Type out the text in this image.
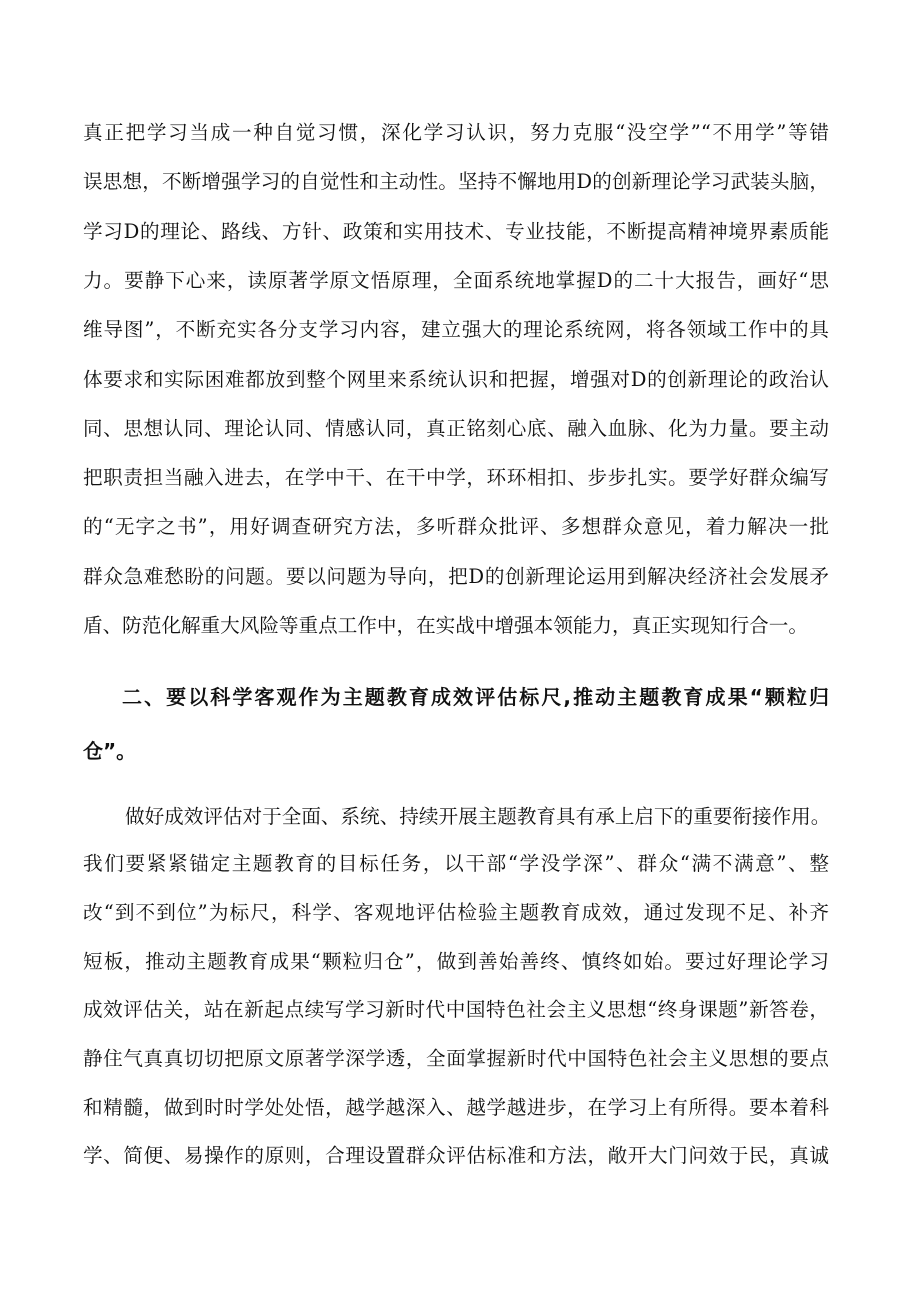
真正把学习当成一种自觉习惯，深化学习认识，努力克服“没空学”“不用学”等错
误思想，不断增强学习的自觉性和主动性。坚持不懈地用D的创新理论学习武装头脑，
学习D的理论、路线、方针、政策和实用技术、专业技能，不断提高精神境界素质能
力。要静下心来，读原著学原文悟原理，全面系统地掌握D的二十大报告，画好“思
维导图”，不断充实各分支学习内容，建立强大的理论系统网，将各领域工作中的具
体要求和实际困难都放到整个网里来系统认识和把握，增强对D的创新理论的政治认
同、思想认同、理论认同、情感认同，真正铭刻心底、融入血脉、化为力量。要主动
把职责担当融入进去，在学中干、在干中学，环环相扣、步步扎实。要学好群众编写
的“无字之书”，用好调查研究方法，多听群众批评、多想群众意见，着力解决一批
群众急难愁盼的问题。要以问题为导向，把D的创新理论运用到解决经济社会发展矛
盾、防范化解重大风险等重点工作中，在实战中增强本领能力，真正实现知行合一。
二、要以科学客观作为主题教育成效评估标尺,推动主题教育成果“颗粒归
仓”。
做好成效评估对于全面、系统、持续开展主题教育具有承上启下的重要衔接作用。
我们要紧紧锚定主题教育的目标任务，以干部“学没学深”、群众“满不满意”、整
改“到不到位”为标尺，科学、客观地评估检验主题教育成效，通过发现不足、补齐
短板，推动主题教育成果“颗粒归仓”，做到善始善终、慎终如始。要过好理论学习
成效评估关，站在新起点续写学习新时代中国特色社会主义思想“终身课题”新答卷，
静住气真真切切把原文原著学深学透，全面掌握新时代中国特色社会主义思想的要点
和精髓，做到时时学处处悟，越学越深入、越学越进步，在学习上有所得。要本着科
学、简便、易操作的原则，合理设置群众评估标准和方法，敞开大门问效于民，真诚
